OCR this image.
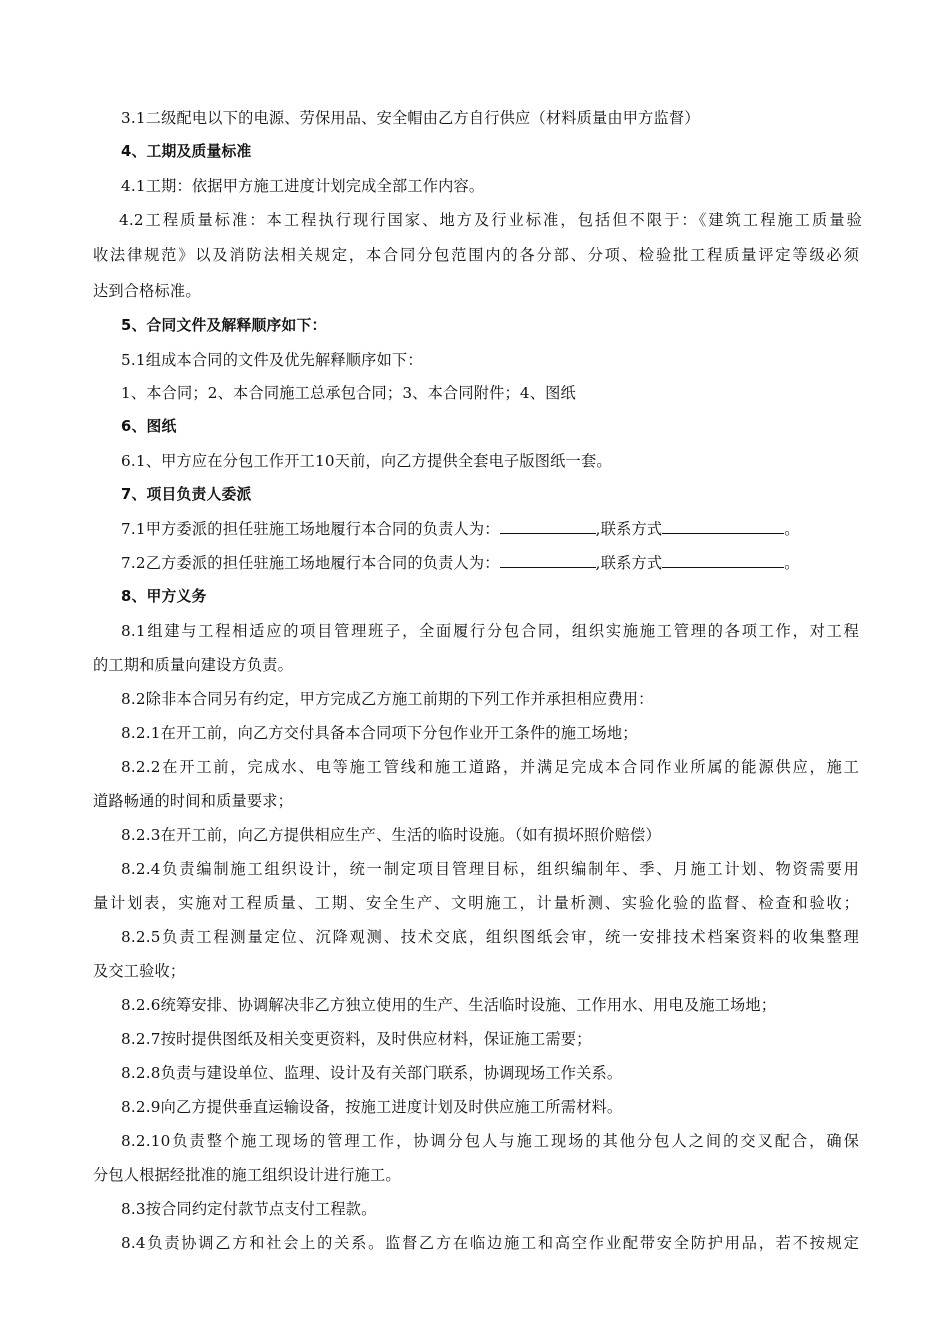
3.1二级配电以下的电源、劳保用品、安全帽由乙方自行供应（材料质量由甲方监督）
4、工期及质量标准
4.1工期：依据甲方施工进度计划完成全部工作内容。
4.2工程质量标准：本工程执行现行国家、地方及行业标准，包括但不限于：《建筑工程施工质量验
收法律规范》以及消防法相关规定，本合同分包范围内的各分部、分项、检验批工程质量评定等级必须
达到合格标准。
5、合同文件及解释顺序如下：
5.1组成本合同的文件及优先解释顺序如下：
1、本合同；2、本合同施工总承包合同；3、本合同附件；4、图纸
6、图纸
6.1、甲方应在分包工作开工10天前，向乙方提供全套电子版图纸一套。
7、项目负责人委派
7.1甲方委派的担任驻施工场地履行本合同的负责人为：	,联系方式	。
7.2乙方委派的担任驻施工场地履行本合同的负责人为：	,联系方式	。
8、甲方义务
8.1组建与工程相适应的项目管理班子，全面履行分包合同，组织实施施工管理的各项工作，对工程
的工期和质量向建设方负责。
8.2除非本合同另有约定，甲方完成乙方施工前期的下列工作并承担相应费用：
8.2.1在开工前，向乙方交付具备本合同项下分包作业开工条件的施工场地；
8.2.2在开工前，完成水、电等施工管线和施工道路，并满足完成本合同作业所属的能源供应，施工
道路畅通的时间和质量要求；
8.2.3在开工前，向乙方提供相应生产、生活的临时设施。（如有损坏照价赔偿）
8.2.4负责编制施工组织设计，统一制定项目管理目标，组织编制年、季、月施工计划、物资需要用
量计划表，实施对工程质量、工期、安全生产、文明施工，计量析测、实验化验的监督、检查和验收；
8.2.5负责工程测量定位、沉降观测、技术交底，组织图纸会审，统一安排技术档案资料的收集整理
及交工验收；
8.2.6统筹安排、协调解决非乙方独立使用的生产、生活临时设施、工作用水、用电及施工场地；
8.2.7按时提供图纸及相关变更资料，及时供应材料，保证施工需要；
8.2.8负责与建设单位、监理、设计及有关部门联系，协调现场工作关系。
8.2.9向乙方提供垂直运输设备，按施工进度计划及时供应施工所需材料。
8.2.10负责整个施工现场的管理工作，协调分包人与施工现场的其他分包人之间的交叉配合，确保
分包人根据经批准的施工组织设计进行施工。
8.3按合同约定付款节点支付工程款。
8.4负责协调乙方和社会上的关系。监督乙方在临边施工和高空作业配带安全防护用品，若不按规定
